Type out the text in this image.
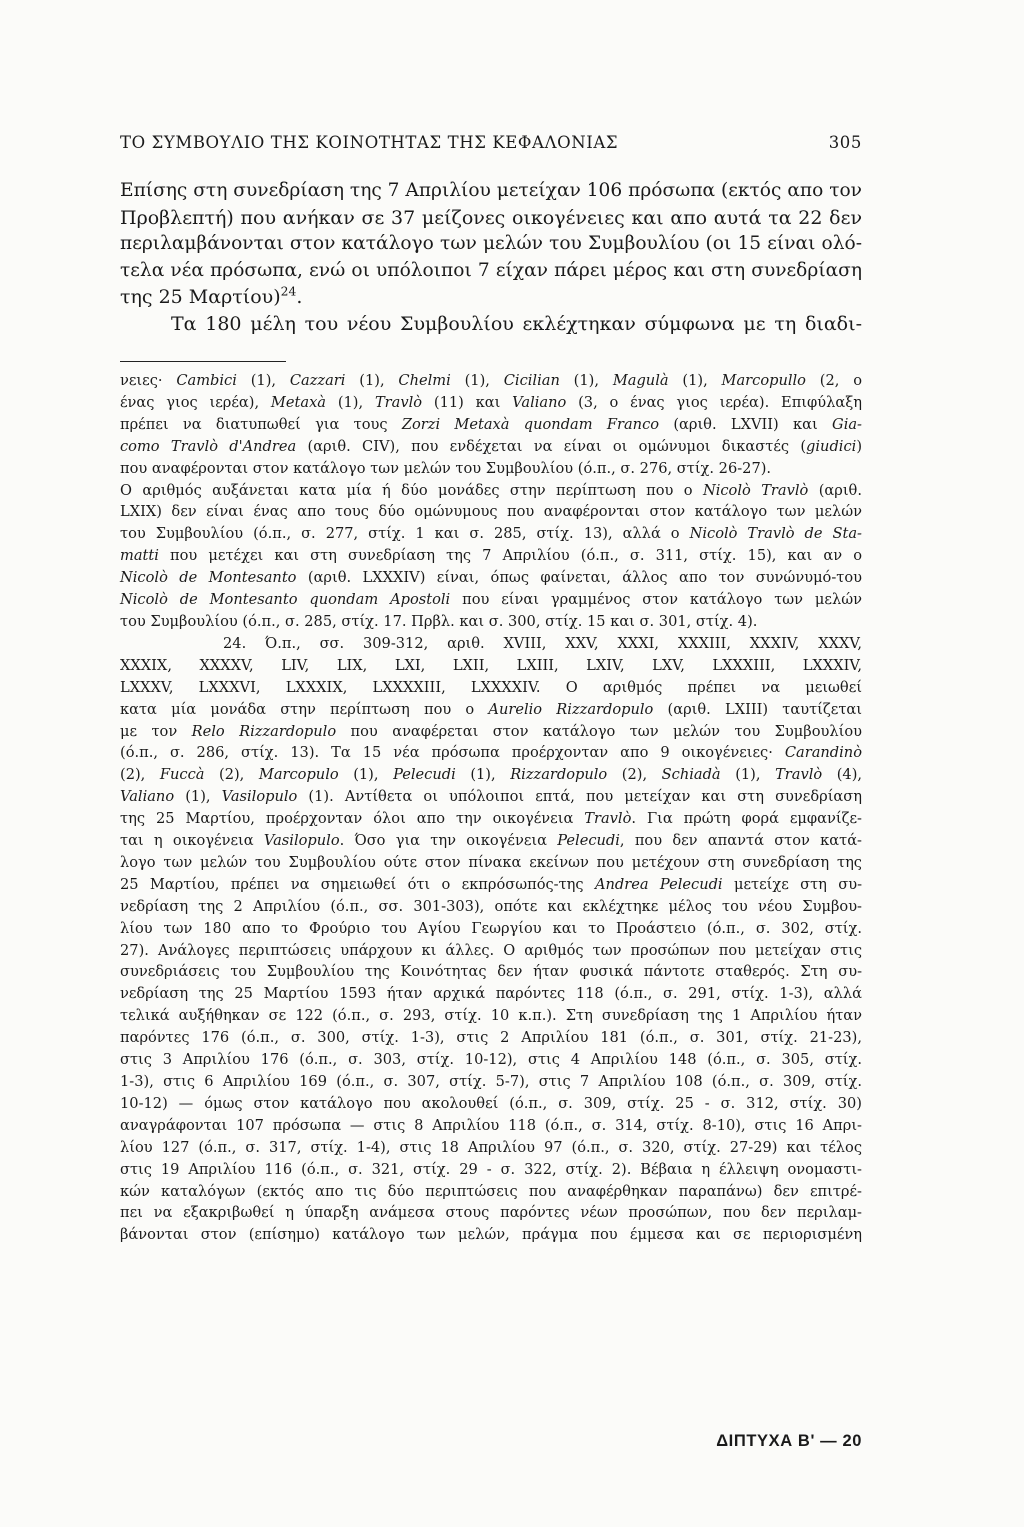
ΤΟ ΣΥΜΒΟΥΛΙΟ ΤΗΣ ΚΟΙΝΟΤΗΤΑΣ ΤΗΣ ΚΕΦΑΛΟΝΙΑΣ	305
Επίσης στη συνεδρίαση της 7 Απριλίου μετείχαν 106 πρόσωπα (εκτός απο τον
Προβλεπτή) που ανήκαν σε 37 μείζονες οικογένειες και απο αυτά τα 22 δεν
περιλαμβάνονται στον κατάλογο των μελών του Συμβουλίου (οι 15 είναι ολό-
τελα νέα πρόσωπα, ενώ οι υπόλοιποι 7 είχαν πάρει μέρος και στη συνεδρίαση
της 25 Μαρτίου)$^{24}$.
Τα 180 μέλη του νέου Συμβουλίου εκλέχτηκαν σύμφωνα με τη διαδι-
νειες· Cambici (1), Cazzari (1), Chelmi (1), Cicilian (1), Magulà (1), Marcopullo (2, ο
ένας γιος ιερέα), Metaxà (1), Travlò (11) και Valiano (3, ο ένας γιος ιερέα). Επιφύλαξη
πρέπει να διατυπωθεί για τους Zorzi Metaxà quondam Franco (αριθ. LXVII) και Gia-
como Travlò d'Andrea (αριθ. CIV), που ενδέχεται να είναι οι ομώνυμοι δικαστές (giudici)
που αναφέρονται στον κατάλογο των μελών του Συμβουλίου (ό.π., σ. 276, στίχ. 26-27).
Ο αριθμός αυξάνεται κατα μία ή δύο μονάδες στην περίπτωση που ο Nicolò Travlò (αριθ.
LXIX) δεν είναι ένας απο τους δύο ομώνυμους που αναφέρονται στον κατάλογο των μελών
του Συμβουλίου (ό.π., σ. 277, στίχ. 1 και σ. 285, στίχ. 13), αλλά ο Nicolò Travlò de Sta-
matti που μετέχει και στη συνεδρίαση της 7 Απριλίου (ό.π., σ. 311, στίχ. 15), και αν ο
Nicolò de Montesanto (αριθ. LXXXIV) είναι, όπως φαίνεται, άλλος απο τον συνώνυμό-του
Nicolò de Montesanto quondam Apostoli που είναι γραμμένος στον κατάλογο των μελών
του Συμβουλίου (ό.π., σ. 285, στίχ. 17. Πρβλ. και σ. 300, στίχ. 15 και σ. 301, στίχ. 4).
24. Ό.π., σσ. 309-312, αριθ. XVIII, XXV, XXXI, XXXIII, XXXIV, XXXV,
XXXIX, XXXXV, LIV, LIX, LXI, LXII, LXIII, LXIV, LXV, LXXXIII, LXXXIV,
LXXXV, LXXXVI, LXXXIX, LXXXXIII, LXXXXIV. Ο αριθμός πρέπει να μειωθεί
κατα μία μονάδα στην περίπτωση που ο Aurelio Rizzardopulo (αριθ. LXIII) ταυτίζεται
με τον Relo Rizzardopulo που αναφέρεται στον κατάλογο των μελών του Συμβουλίου
(ό.π., σ. 286, στίχ. 13). Τα 15 νέα πρόσωπα προέρχονταν απο 9 οικογένειες· Carandinò
(2), Fuccà (2), Marcopulo (1), Pelecudi (1), Rizzardopulo (2), Schiadà (1), Travlò (4),
Valiano (1), Vasilopulo (1). Αντίθετα οι υπόλοιποι επτά, που μετείχαν και στη συνεδρίαση
της 25 Μαρτίου, προέρχονταν όλοι απο την οικογένεια Travlò. Για πρώτη φορά εμφανίζε-
ται η οικογένεια Vasilopulo. Όσο για την οικογένεια Pelecudi, που δεν απαντά στον κατά-
λογο των μελών του Συμβουλίου ούτε στον πίνακα εκείνων που μετέχουν στη συνεδρίαση της
25 Μαρτίου, πρέπει να σημειωθεί ότι ο εκπρόσωπός-της Andrea Pelecudi μετείχε στη συ-
νεδρίαση της 2 Απριλίου (ό.π., σσ. 301-303), οπότε και εκλέχτηκε μέλος του νέου Συμβου-
λίου των 180 απο το Φρούριο του Αγίου Γεωργίου και το Προάστειο (ό.π., σ. 302, στίχ.
27). Ανάλογες περιπτώσεις υπάρχουν κι άλλες. Ο αριθμός των προσώπων που μετείχαν στις
συνεδριάσεις του Συμβουλίου της Κοινότητας δεν ήταν φυσικά πάντοτε σταθερός. Στη συ-
νεδρίαση της 25 Μαρτίου 1593 ήταν αρχικά παρόντες 118 (ό.π., σ. 291, στίχ. 1-3), αλλά
τελικά αυξήθηκαν σε 122 (ό.π., σ. 293, στίχ. 10 κ.π.). Στη συνεδρίαση της 1 Απριλίου ήταν
παρόντες 176 (ό.π., σ. 300, στίχ. 1-3), στις 2 Απριλίου 181 (ό.π., σ. 301, στίχ. 21-23),
στις 3 Απριλίου 176 (ό.π., σ. 303, στίχ. 10-12), στις 4 Απριλίου 148 (ό.π., σ. 305, στίχ.
1-3), στις 6 Απριλίου 169 (ό.π., σ. 307, στίχ. 5-7), στις 7 Απριλίου 108 (ό.π., σ. 309, στίχ.
10-12) — όμως στον κατάλογο που ακολουθεί (ό.π., σ. 309, στίχ. 25 - σ. 312, στίχ. 30)
αναγράφονται 107 πρόσωπα — στις 8 Απριλίου 118 (ό.π., σ. 314, στίχ. 8-10), στις 16 Απρι-
λίου 127 (ό.π., σ. 317, στίχ. 1-4), στις 18 Απριλίου 97 (ό.π., σ. 320, στίχ. 27-29) και τέλος
στις 19 Απριλίου 116 (ό.π., σ. 321, στίχ. 29 - σ. 322, στίχ. 2). Βέβαια η έλλειψη ονομαστι-
κών καταλόγων (εκτός απο τις δύο περιπτώσεις που αναφέρθηκαν παραπάνω) δεν επιτρέ-
πει να εξακριβωθεί η ύπαρξη ανάμεσα στους παρόντες νέων προσώπων, που δεν περιλαμ-
βάνονται στον (επίσημο) κατάλογο των μελών, πράγμα που έμμεσα και σε περιορισμένη
ΔΙΠΤΥΧΑ Β' — 20
